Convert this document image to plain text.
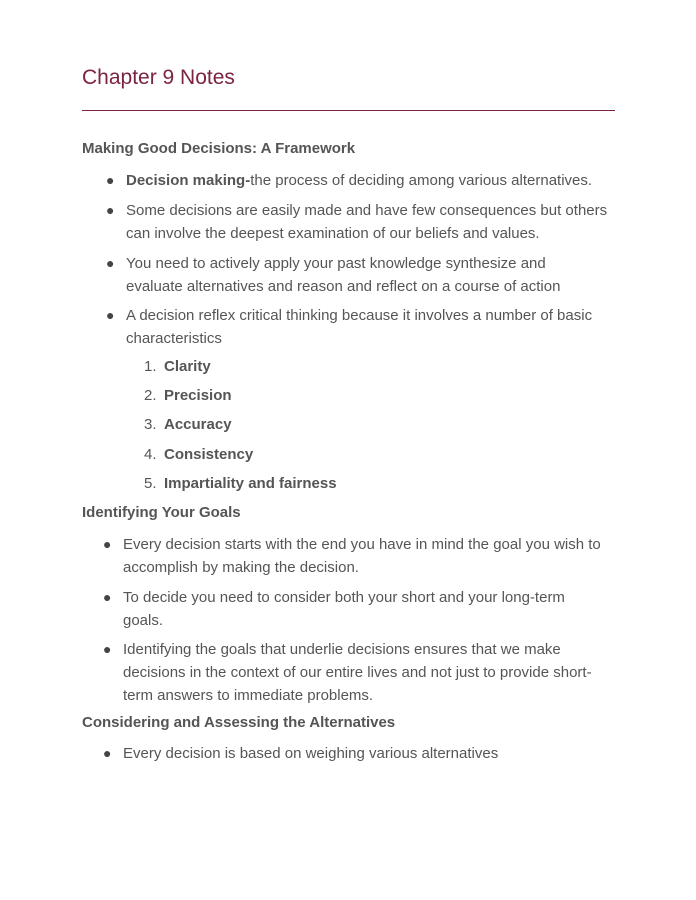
Chapter 9 Notes
Making Good Decisions: A Framework
● Decision making-the process of deciding among various alternatives.
● Some decisions are easily made and have few consequences but others can involve the deepest examination of our beliefs and values.
● You need to actively apply your past knowledge synthesize and evaluate alternatives and reason and reflect on a course of action
● A decision reflex critical thinking because it involves a number of basic characteristics
1. Clarity
2. Precision
3. Accuracy
4. Consistency
5. Impartiality and fairness
Identifying Your Goals
● Every decision starts with the end you have in mind the goal you wish to accomplish by making the decision.
● To decide you need to consider both your short and your long-term goals.
● Identifying the goals that underlie decisions ensures that we make decisions in the context of our entire lives and not just to provide short-term answers to immediate problems.
Considering and Assessing the Alternatives
● Every decision is based on weighing various alternatives
